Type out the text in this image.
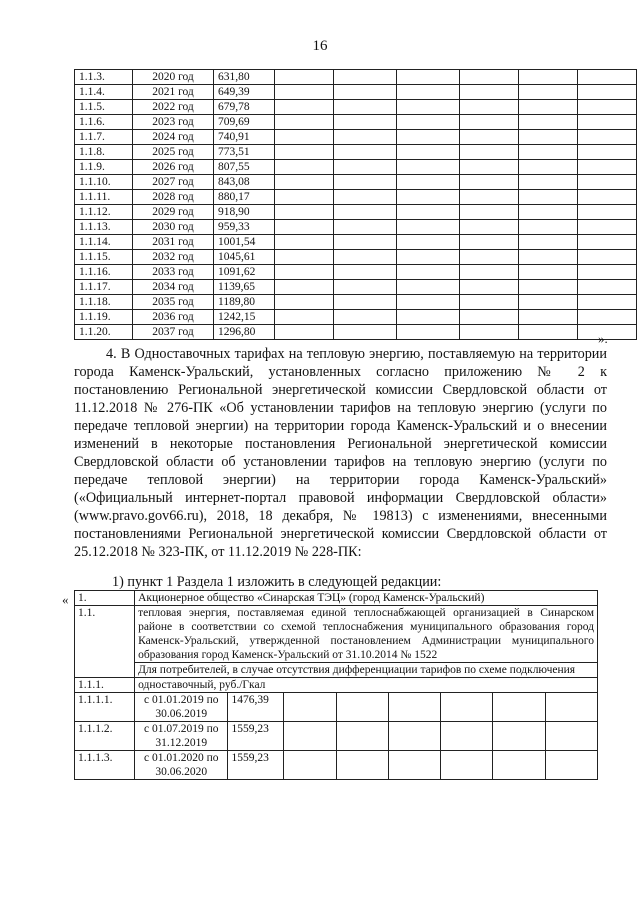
16
1.1.3.	2020 год	631,80						
1.1.4.	2021 год	649,39						
1.1.5.	2022 год	679,78						
1.1.6.	2023 год	709,69						
1.1.7.	2024 год	740,91						
1.1.8.	2025 год	773,51						
1.1.9.	2026 год	807,55						
1.1.10.	2027 год	843,08						
1.1.11.	2028 год	880,17						
1.1.12.	2029 год	918,90						
1.1.13.	2030 год	959,33						
1.1.14.	2031 год	1001,54						
1.1.15.	2032 год	1045,61						
1.1.16.	2033 год	1091,62						
1.1.17.	2034 год	1139,65						
1.1.18.	2035 год	1189,80						
1.1.19.	2036 год	1242,15						
1.1.20.	2037 год	1296,80							».
4. В Одноставочных тарифах на тепловую энергию, поставляемую на территории города Каменск-Уральский, установленных согласно приложению № 2 к постановлению Региональной энергетической комиссии Свердловской области от 11.12.2018 № 276-ПК «Об установлении тарифов на тепловую энергию (услуги по передаче тепловой энергии) на территории города Каменск-Уральский и о внесении изменений в некоторые постановления Региональной энергетической комиссии Свердловской области об установлении тарифов на тепловую энергию (услуги по передаче тепловой энергии) на территории города Каменск-Уральский» («Официальный интернет-портал правовой информации Свердловской области» (www.pravo.gov66.ru), 2018, 18 декабря, № 19813) с изменениями, внесенными постановлениями Региональной энергетической комиссии Свердловской области от 25.12.2018 № 323-ПК, от 11.12.2019 № 228-ПК:
1) пункт 1 Раздела 1 изложить в следующей редакции:
« 1.	Акционерное общество «Синарская ТЭЦ» (город Каменск-Уральский)							
1.1.	тепловая энергия, поставляемая единой теплоснабжающей организацией в Синарском районе в соответствии со схемой теплоснабжения муниципального образования город Каменск-Уральский, утвержденной постановлением Администрации муниципального образования город Каменск-Уральский от 31.10.2014 № 1522							
	Для потребителей, в случае отсутствия дифференциации тарифов по схеме подключения							
1.1.1.	одноставочный, руб./Гкал							
1.1.1.1.	с 01.01.2019 по 30.06.2019	1476,39						
1.1.1.2.	с 01.07.2019 по 31.12.2019	1559,23						
1.1.1.3.	с 01.01.2020 по 30.06.2020	1559,23						
